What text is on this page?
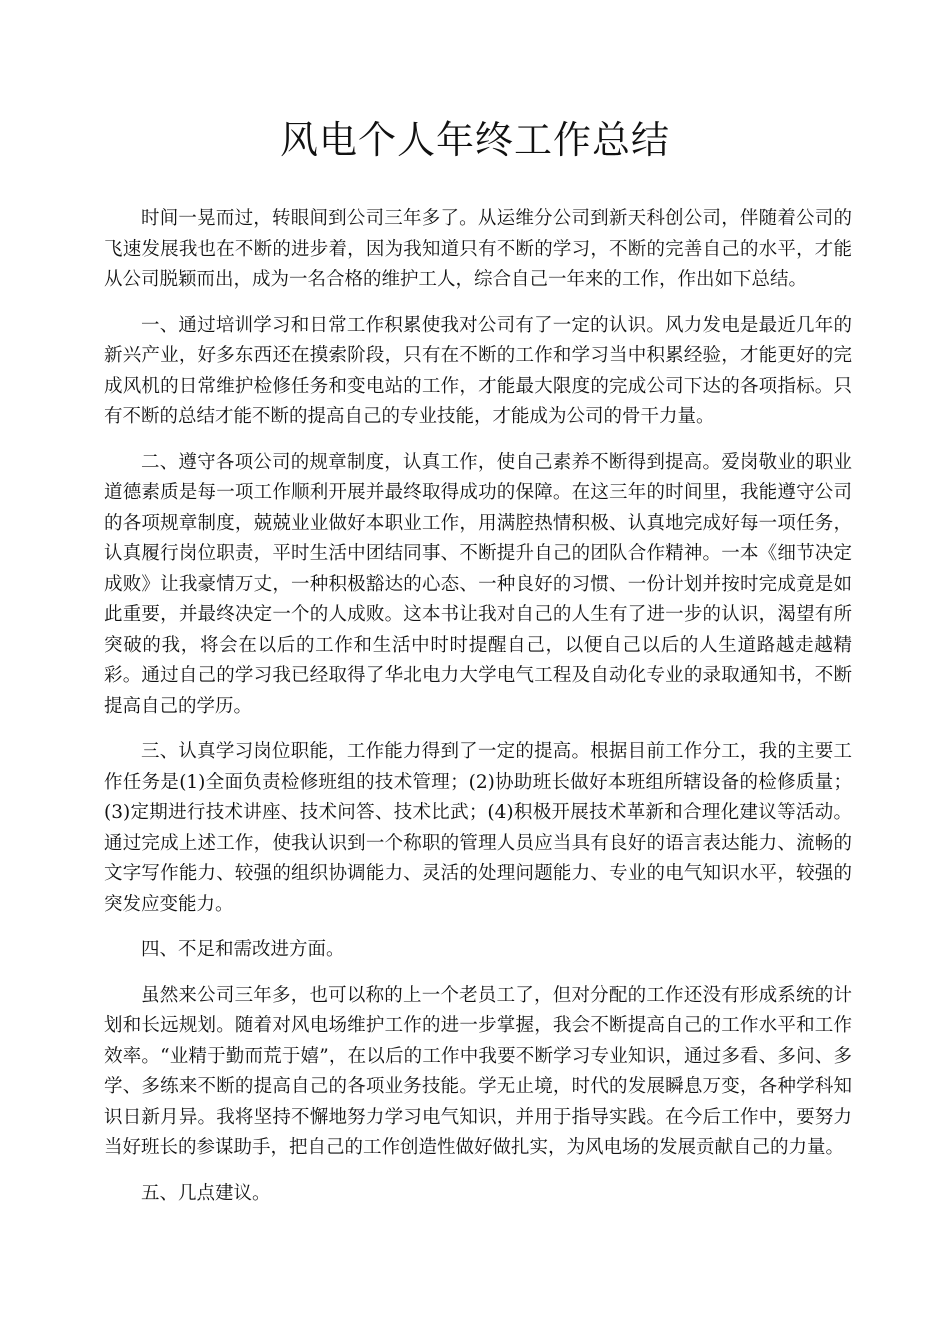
风电个人年终工作总结

时间一晃而过，转眼间到公司三年多了。从运维分公司到新天科创公司，伴随着公司的飞速发展我也在不断的进步着，因为我知道只有不断的学习，不断的完善自己的水平，才能从公司脱颖而出，成为一名合格的维护工人，综合自己一年来的工作，作出如下总结。

一、通过培训学习和日常工作积累使我对公司有了一定的认识。风力发电是最近几年的新兴产业，好多东西还在摸索阶段，只有在不断的工作和学习当中积累经验，才能更好的完成风机的日常维护检修任务和变电站的工作，才能最大限度的完成公司下达的各项指标。只有不断的总结才能不断的提高自己的专业技能，才能成为公司的骨干力量。

二、遵守各项公司的规章制度，认真工作，使自己素养不断得到提高。爱岗敬业的职业道德素质是每一项工作顺利开展并最终取得成功的保障。在这三年的时间里，我能遵守公司的各项规章制度，兢兢业业做好本职业工作，用满腔热情积极、认真地完成好每一项任务，认真履行岗位职责，平时生活中团结同事、不断提升自己的团队合作精神。一本《细节决定成败》让我豪情万丈，一种积极豁达的心态、一种良好的习惯、一份计划并按时完成竟是如此重要，并最终决定一个的人成败。这本书让我对自己的人生有了进一步的认识，渴望有所突破的我，将会在以后的工作和生活中时时提醒自己，以便自己以后的人生道路越走越精彩。通过自己的学习我已经取得了华北电力大学电气工程及自动化专业的录取通知书，不断提高自己的学历。

三、认真学习岗位职能，工作能力得到了一定的提高。根据目前工作分工，我的主要工作任务是(1)全面负责检修班组的技术管理；(2)协助班长做好本班组所辖设备的检修质量；(3)定期进行技术讲座、技术问答、技术比武；(4)积极开展技术革新和合理化建议等活动。通过完成上述工作，使我认识到一个称职的管理人员应当具有良好的语言表达能力、流畅的文字写作能力、较强的组织协调能力、灵活的处理问题能力、专业的电气知识水平，较强的突发应变能力。

四、不足和需改进方面。

虽然来公司三年多，也可以称的上一个老员工了，但对分配的工作还没有形成系统的计划和长远规划。随着对风电场维护工作的进一步掌握，我会不断提高自己的工作水平和工作效率。“业精于勤而荒于嬉”，在以后的工作中我要不断学习专业知识，通过多看、多问、多学、多练来不断的提高自己的各项业务技能。学无止境，时代的发展瞬息万变，各种学科知识日新月异。我将坚持不懈地努力学习电气知识，并用于指导实践。在今后工作中，要努力当好班长的参谋助手，把自己的工作创造性做好做扎实，为风电场的发展贡献自己的力量。

五、几点建议。
